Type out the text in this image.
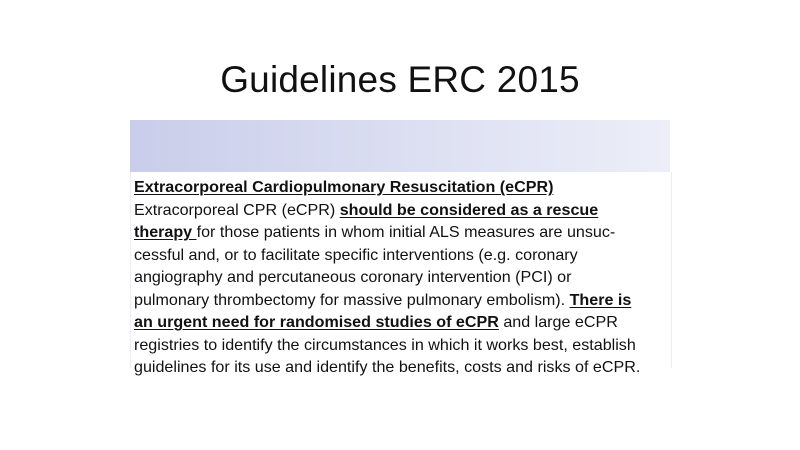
Guidelines ERC 2015
Extracorporeal Cardiopulmonary Resuscitation (eCPR)
Extracorporeal CPR (eCPR) should be considered as a rescue
therapy for those patients in whom initial ALS measures are unsuc-
cessful and, or to facilitate specific interventions (e.g. coronary
angiography and percutaneous coronary intervention (PCI) or
pulmonary thrombectomy for massive pulmonary embolism). There is
an urgent need for randomised studies of eCPR and large eCPR
registries to identify the circumstances in which it works best, establish
guidelines for its use and identify the benefits, costs and risks of eCPR.
